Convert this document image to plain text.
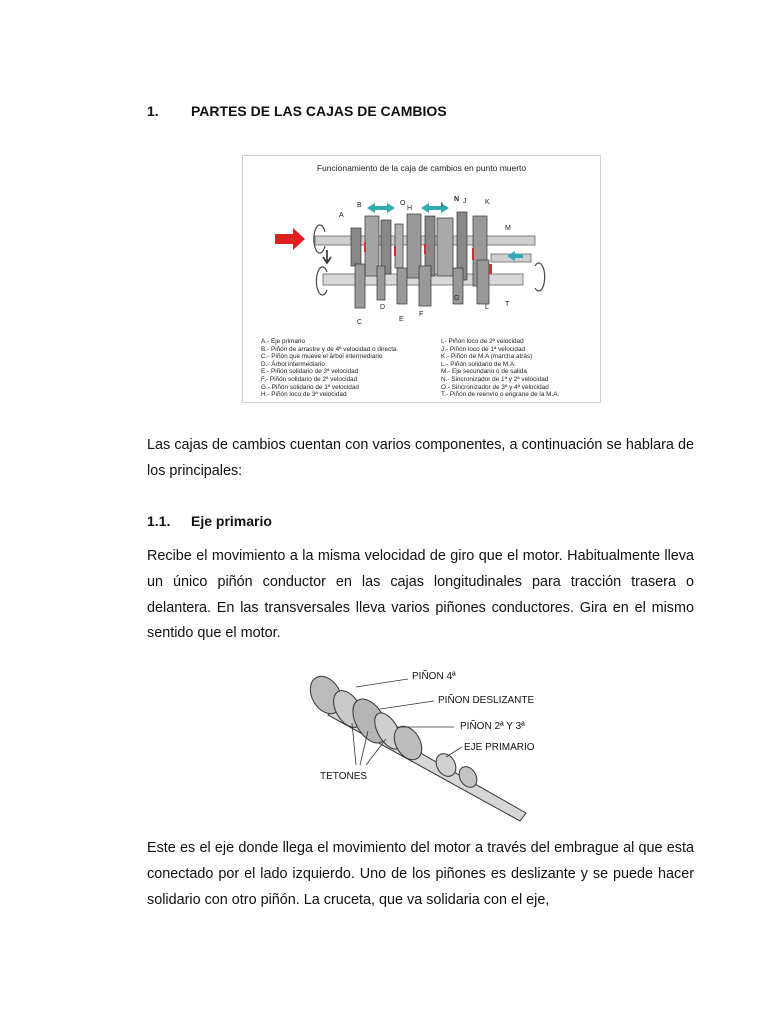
1. PARTES DE LAS CAJAS DE CAMBIOS
Funcionamiento de la caja de cambios en punto muerto
A
B	O
H	I
N J	K
M
C
D
E
F
G
L T
A.- Eje primario
B.- Piñón de arrastre y de 4ª velocidad o directa
C.- Piñón que mueve el árbol intermediario
D.- Árbol intermediario
E.- Piñón solidario de 3ª velocidad
F.- Piñón solidario de 2ª velocidad
G.- Piñón solidario de 1ª velocidad
H.- Piñón loco de 3ª velocidad
I.- Piñón loco de 2ª velocidad
J.- Piñón loco de 1ª velocidad
K.- Piñón de M.A (marcha atrás)
L.- Piñón solidario de M.A.
M.- Eje secundario o de salida
N.- Sincronizador de 1ª y 2ª velocidad
O.- Sincronizador de 3ª y 4ª velocidad
T.- Piñón de reenvío o engrane de la M.A.

Las cajas de cambios cuentan con varios componentes, a continuación se hablara de los principales:

1.1. Eje primario

Recibe el movimiento a la misma velocidad de giro que el motor. Habitualmente lleva un único piñón conductor en las cajas longitudinales para tracción trasera o delantera. En las transversales lleva varios piñones conductores. Gira en el mismo sentido que el motor.

PIÑON 4ª
PIÑON DESLIZANTE
PIÑON 2ª Y 3ª
EJE PRIMARIO
TETONES

Este es el eje donde llega el movimiento del motor a través del embrague al que esta conectado por el lado izquierdo. Uno de los piñones es deslizante y se puede hacer solidario con otro piñón. La cruceta, que va solidaria con el eje,
